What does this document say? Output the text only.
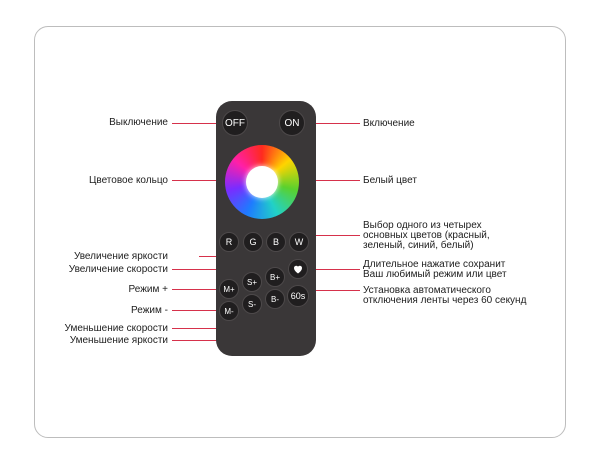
OFF	ON
R	G	B	W
M+
M-
S+
S-
B+
B-	60s
Выключение
Цветовое кольцо
Увеличение яркости
Увеличение скорости
Режим +
Режим -
Уменьшение скорости
Уменьшение яркости
Включение
Белый цвет
Выбор одного из четырех
основных цветов (красный,
зеленый, синий, белый)
Длительное нажатие сохранит
Ваш любимый режим или цвет
Установка автоматического
отключения ленты через 60 секунд
